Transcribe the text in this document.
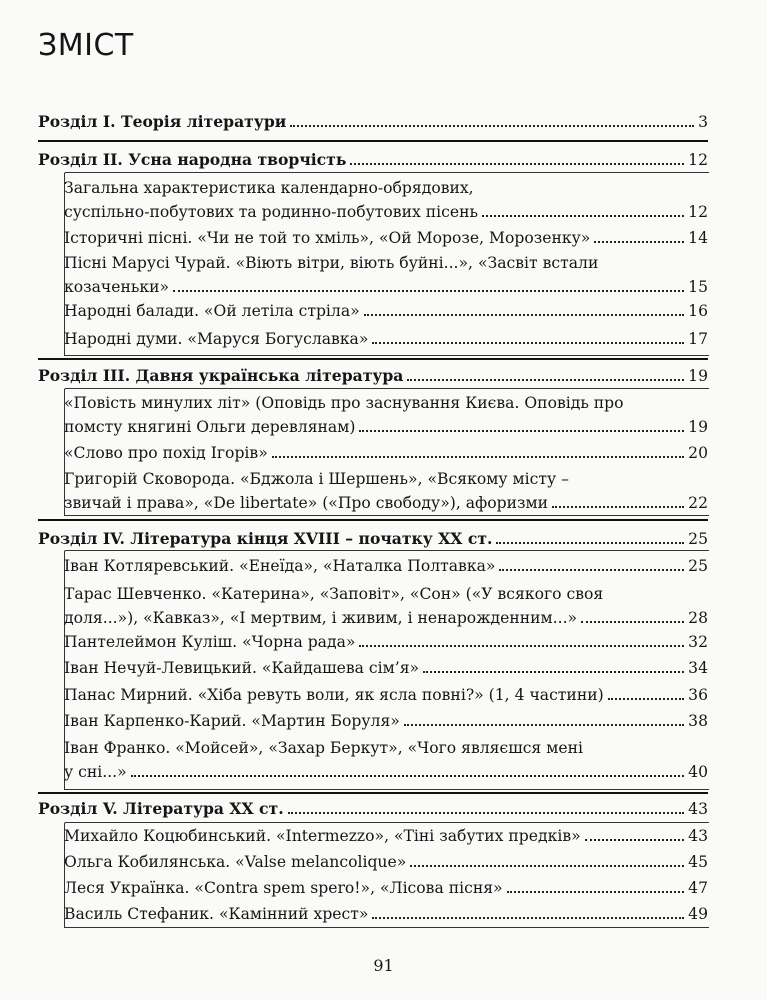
ЗМІСТ
Розділ І. Теорія літератури	3
Розділ ІІ. Усна народна творчість	12
Загальна характеристика календарно-обрядових,
суспільно-побутових та родинно-побутових пісень	12
Історичні пісні. «Чи не той то хміль», «Ой Морозе, Морозенку»	14
Пісні Марусі Чурай. «Віють вітри, віють буйні...», «Засвіт встали
козаченьки»	15
Народні балади. «Ой летіла стріла»	16
Народні думи. «Маруся Богуславка»	17
Розділ ІІІ. Давня українська література	19
«Повість минулих літ» (Оповідь про заснування Києва. Оповідь про
помсту княгині Ольги деревлянам)	19
«Слово про похід Ігорів»	20
Григорій Сковорода. «Бджола і Шершень», «Всякому місту –
звичай і права», «De libertate» («Про свободу»), афоризми	22
Розділ IV. Література кінця XVIII – початку XX ст.	25
Іван Котляревський. «Енеїда», «Наталка Полтавка»	25
Тарас Шевченко. «Катерина», «Заповіт», «Сон» («У всякого своя
доля...»), «Кавказ», «І мертвим, і живим, і ненарожденним...»	28
Пантелеймон Куліш. «Чорна рада»	32
Іван Нечуй-Левицький. «Кайдашева сім’я»	34
Панас Мирний. «Хіба ревуть воли, як ясла повні?» (1, 4 частини)	36
Іван Карпенко-Карий. «Мартин Боруля»	38
Іван Франко. «Мойсей», «Захар Беркут», «Чого являєшся мені
у сні...»	40
Розділ V. Література XX ст.	43
Михайло Коцюбинський. «Intermezzo», «Тіні забутих предків»	43
Ольга Кобилянська. «Valse melancolique»	45
Леся Українка. «Contra spem spero!», «Лісова пісня»	47
Василь Стефаник. «Камінний хрест»	49
91
